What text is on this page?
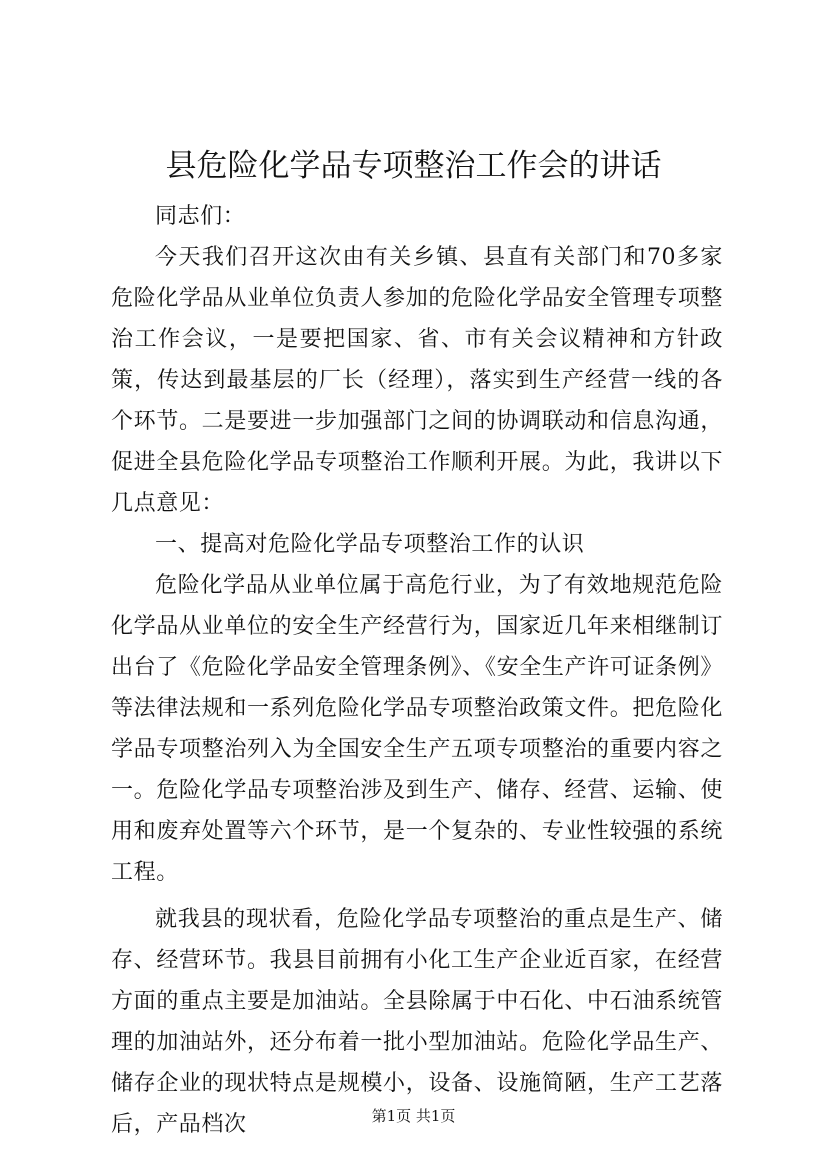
县危险化学品专项整治工作会的讲话

同志们：

今天我们召开这次由有关乡镇、县直有关部门和70多家危险化学品从业单位负责人参加的危险化学品安全管理专项整治工作会议，一是要把国家、省、市有关会议精神和方针政策，传达到最基层的厂长（经理），落实到生产经营一线的各个环节。二是要进一步加强部门之间的协调联动和信息沟通，促进全县危险化学品专项整治工作顺利开展。为此，我讲以下几点意见：

一、提高对危险化学品专项整治工作的认识

危险化学品从业单位属于高危行业，为了有效地规范危险化学品从业单位的安全生产经营行为，国家近几年来相继制订出台了《危险化学品安全管理条例》、《安全生产许可证条例》等法律法规和一系列危险化学品专项整治政策文件。把危险化学品专项整治列入为全国安全生产五项专项整治的重要内容之一。危险化学品专项整治涉及到生产、储存、经营、运输、使用和废弃处置等六个环节，是一个复杂的、专业性较强的系统工程。

就我县的现状看，危险化学品专项整治的重点是生产、储存、经营环节。我县目前拥有小化工生产企业近百家，在经营方面的重点主要是加油站。全县除属于中石化、中石油系统管理的加油站外，还分布着一批小型加油站。危险化学品生产、储存企业的现状特点是规模小，设备、设施简陋，生产工艺落后，产品档次	第1页 共1页
